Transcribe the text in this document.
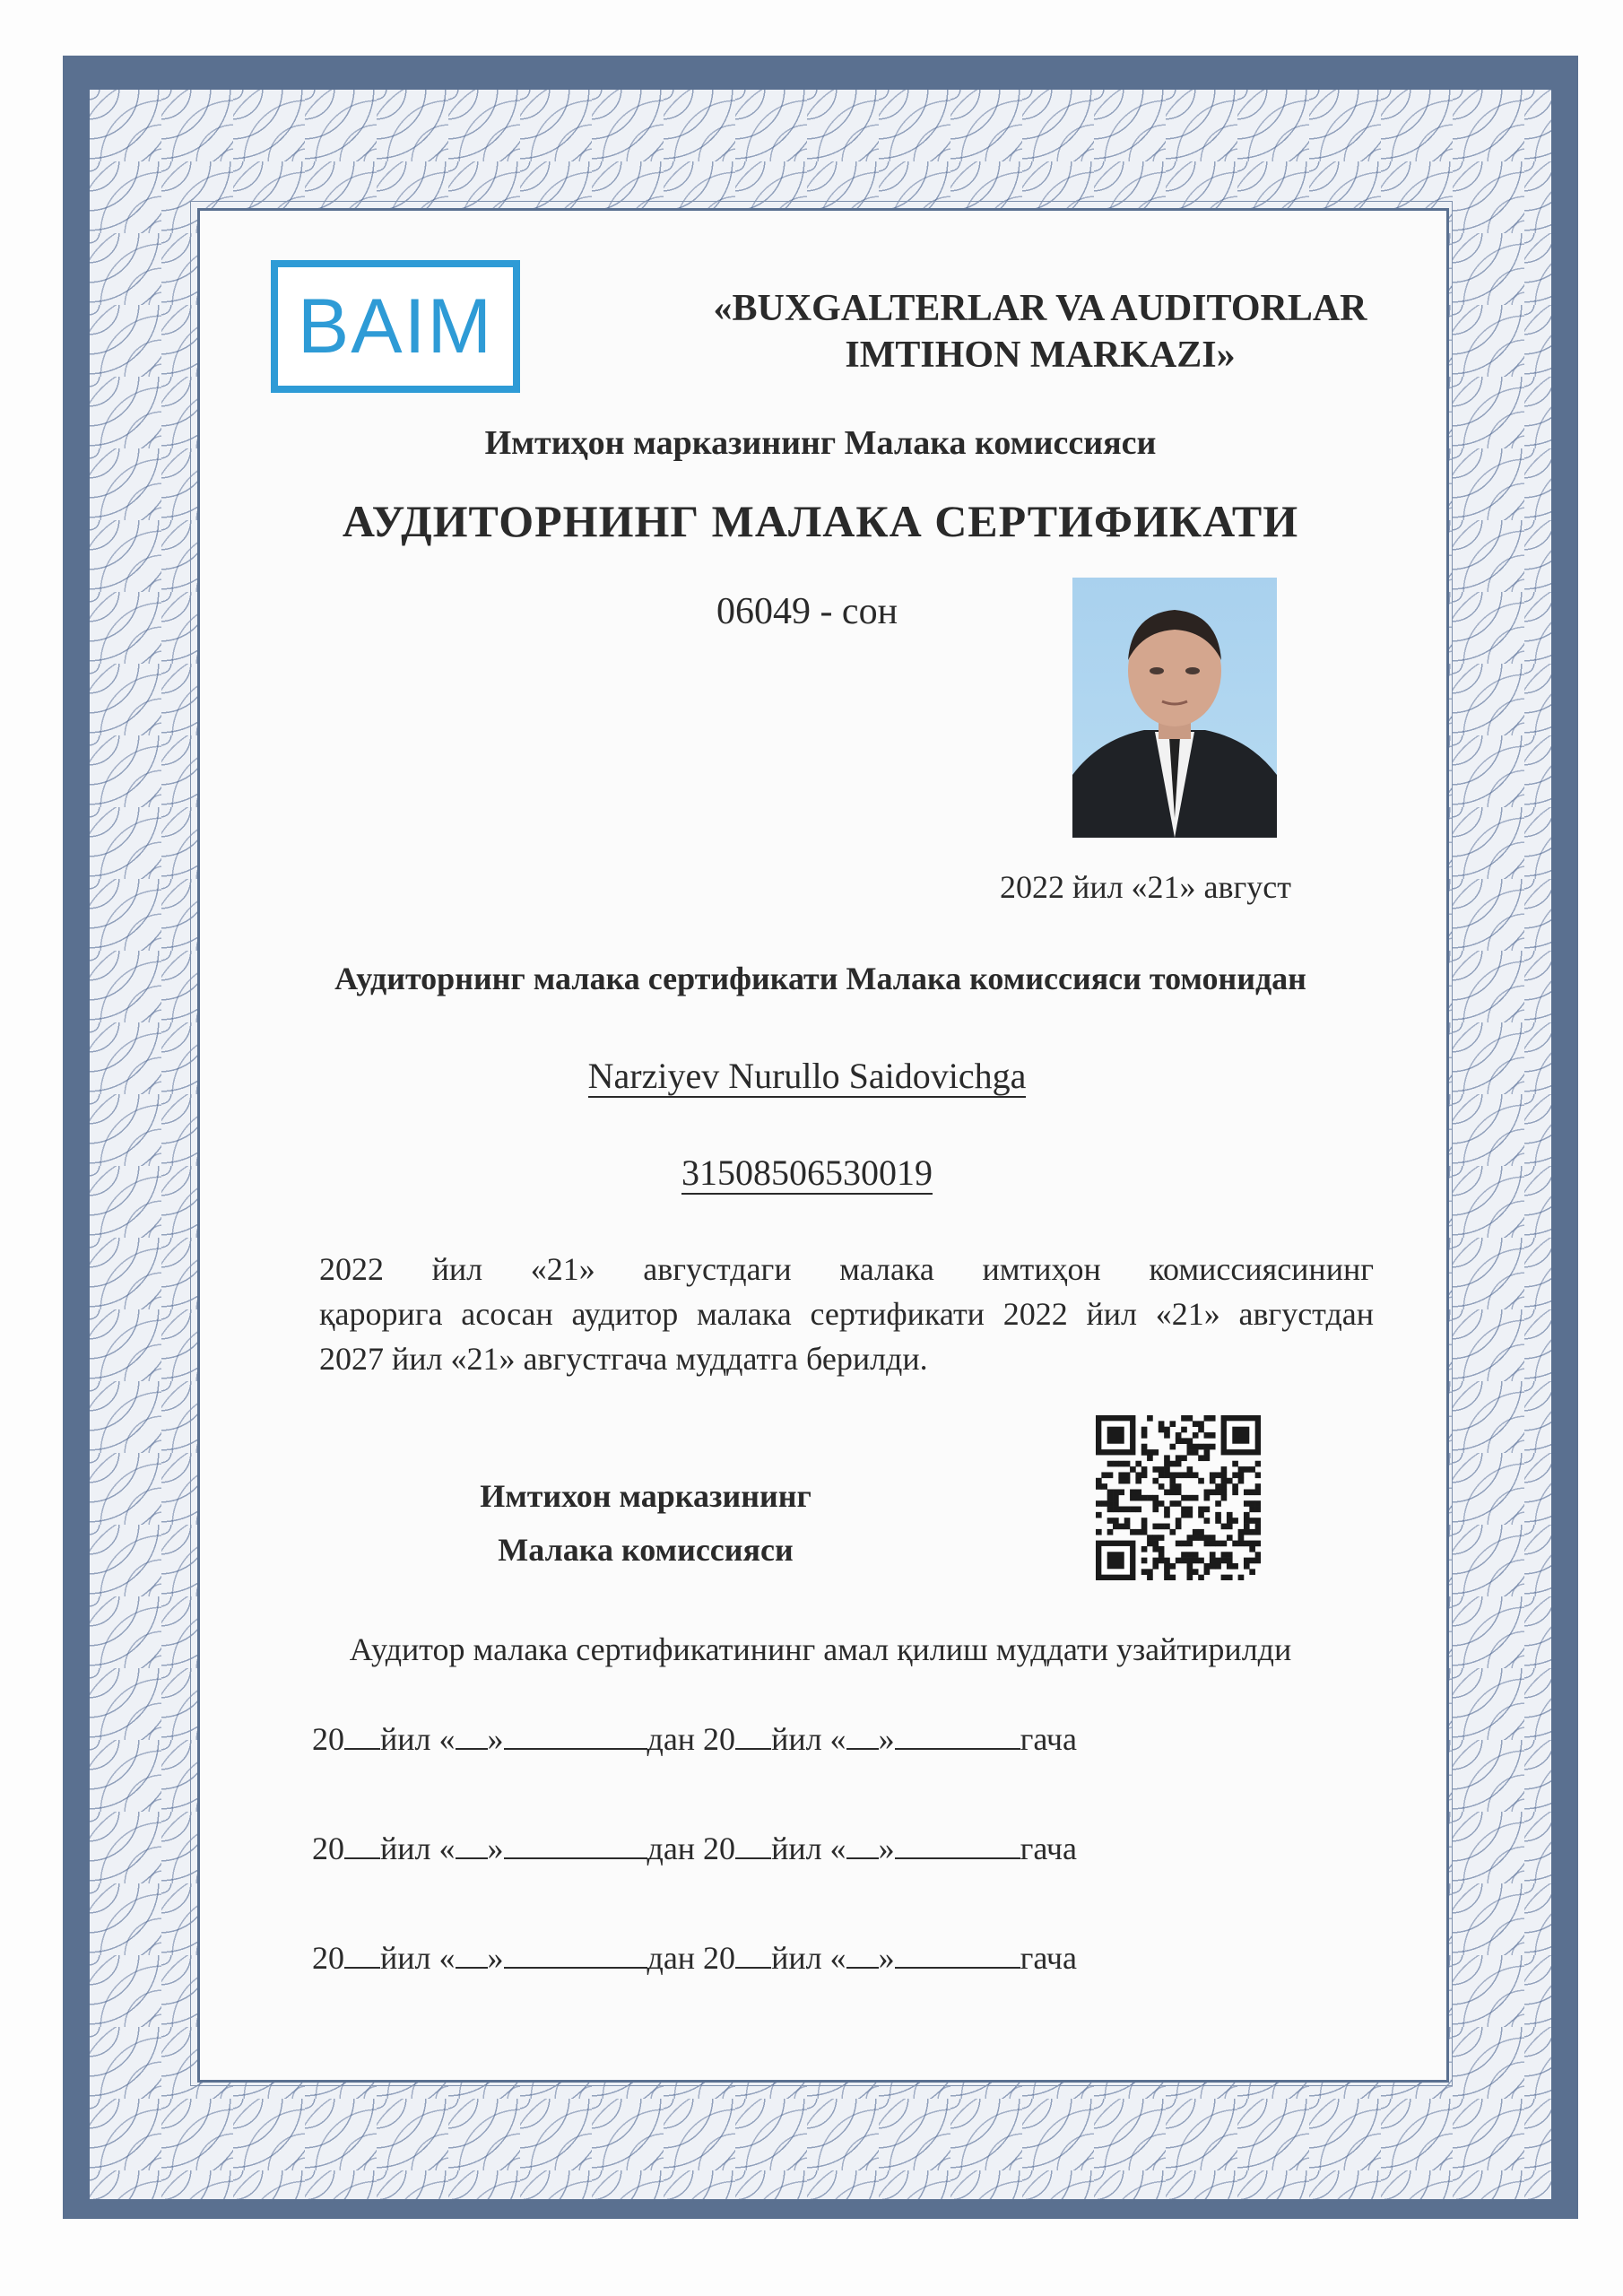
BAIM	«BUXGALTERLAR VA AUDITORLAR
IMTIHON MARKAZI»
Имтиҳон марказининг Малака комиссияси
АУДИТОРНИНГ МАЛАКА СЕРТИФИКАТИ
06049 - сон
2022 йил «21» август
Аудиторнинг малака сертификати Малака комиссияси томонидан
Narziyev Nurullo Saidovichga
31508506530019
2022 йил «21» августдаги малака имтиҳон комиссиясининг
қарорига асосан аудитор малака сертификати 2022 йил «21» августдан
2027 йил «21» августгача муддатга берилди.
Имтихон марказининг
Малака комиссияси
Аудитор малака сертификатининг амал қилиш муддати узайтирилди
20 йил « »	дан 20 йил « »	гача
20 йил « »	дан 20 йил « »	гача
20 йил « »	дан 20 йил « »	гача
